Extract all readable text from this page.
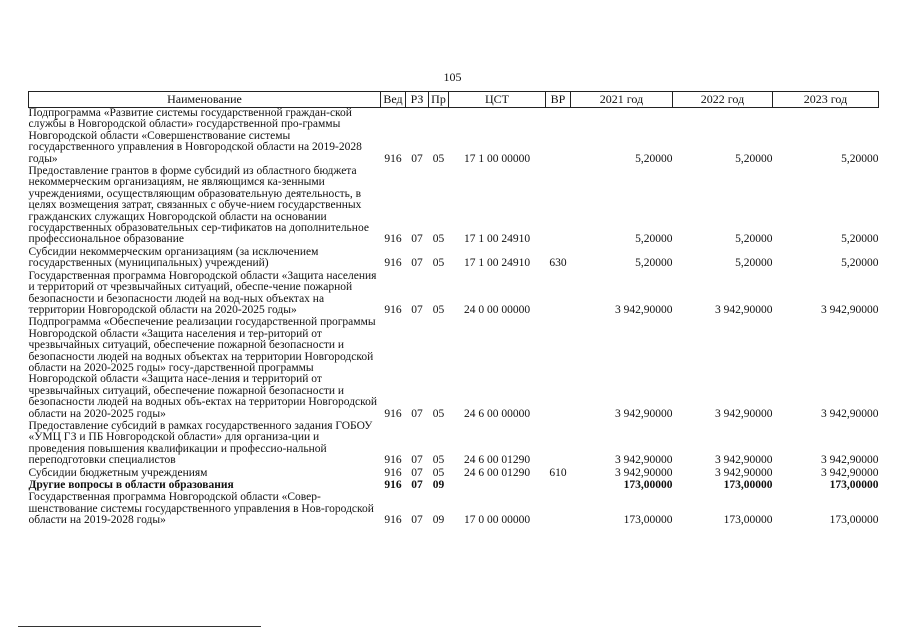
105
Наименование	Вед	РЗ	Пр	ЦСТ	ВР	2021 год	2022 год	2023 год
Подпрограмма «Развитие системы государственной граждан-ской службы в Новгородской области» государственной про-граммы Новгородской области «Совершенствование системы государственного управления в Новгородской области на 2019-2028 годы»	916	07	05	17 1 00 00000		5,20000	5,20000	5,20000
Предоставление грантов в форме субсидий из областного бюджета некоммерческим организациям, не являющимся ка-зенными учреждениями, осуществляющим образовательную деятельность, в целях возмещения затрат, связанных с обуче-нием государственных гражданских служащих Новгородской области на основании государственных образовательных сер-тификатов на дополнительное профессиональное образование	916	07	05	17 1 00 24910		5,20000	5,20000	5,20000
Субсидии некоммерческим организациям (за исключением государственных (муниципальных) учреждений)	916	07	05	17 1 00 24910	630	5,20000	5,20000	5,20000
Государственная программа Новгородской области «Защита населения и территорий от чрезвычайных ситуаций, обеспе-чение пожарной безопасности и безопасности людей на вод-ных объектах на территории Новгородской области на 2020-2025 годы»	916	07	05	24 0 00 00000		3 942,90000	3 942,90000	3 942,90000
Подпрограмма «Обеспечение реализации государственной программы Новгородской области «Защита населения и тер-риторий от чрезвычайных ситуаций, обеспечение пожарной безопасности и безопасности людей на водных объектах на территории Новгородской области на 2020-2025 годы» госу-дарственной программы Новгородской области «Защита насе-ления и территорий от чрезвычайных ситуаций, обеспечение пожарной безопасности и безопасности людей на водных объ-ектах на территории Новгородской области на 2020-2025 годы»	916	07	05	24 6 00 00000		3 942,90000	3 942,90000	3 942,90000
Предоставление субсидий в рамках государственного задания ГОБОУ «УМЦ ГЗ и ПБ Новгородской области» для организа-ции и проведения повышения квалификации и профессио-нальной переподготовки специалистов	916	07	05	24 6 00 01290		3 942,90000	3 942,90000	3 942,90000
Субсидии бюджетным учреждениям	916	07	05	24 6 00 01290	610	3 942,90000	3 942,90000	3 942,90000
Другие вопросы в области образования	916	07	09			173,00000	173,00000	173,00000
Государственная программа Новгородской области «Совер-шенствование системы государственного управления в Нов-городской области на 2019-2028 годы»	916	07	09	17 0 00 00000		173,00000	173,00000	173,00000
